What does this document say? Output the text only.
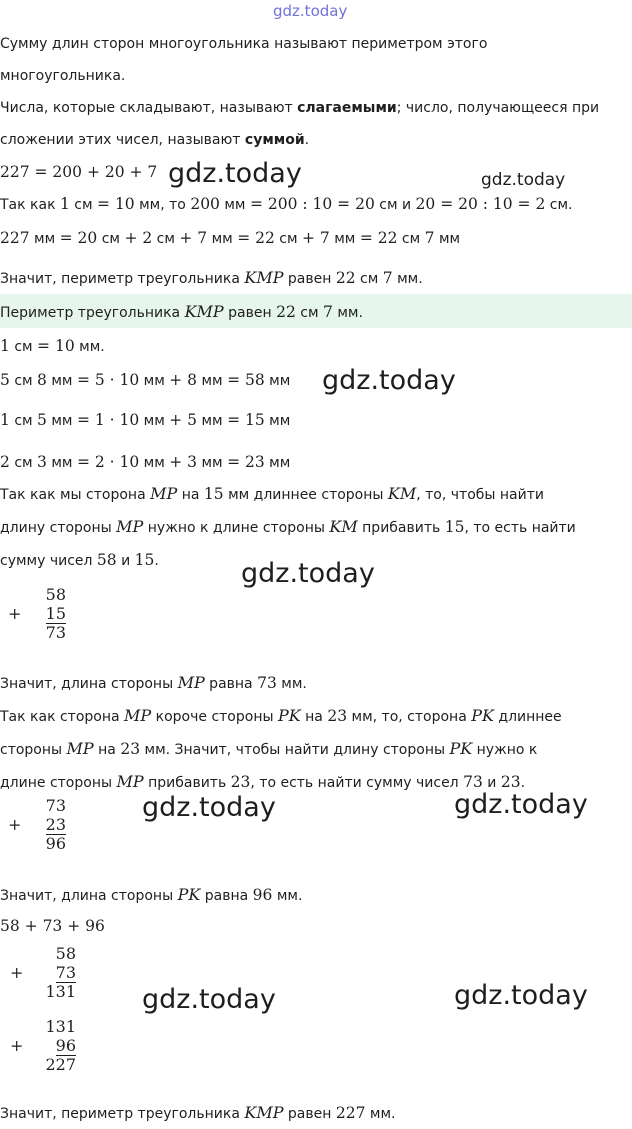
gdz.today
Сумму длин сторон многоугольника называют периметром этого
многоугольника.
Числа, которые складывают, называют слагаемыми; число, получающееся при
сложении этих чисел, называют суммой.
227 = 200 + 20 + 7 gdz.today	gdz.today
Так как 1 см = 10 мм, то 200 мм = 200 : 10 = 20 см и 20 = 20 : 10 = 2 см.
227 мм = 20 см + 2 см + 7 мм = 22 см + 7 мм = 22 см 7 мм
Значит, периметр треугольника KMP равен 22 см 7 мм.
Периметр треугольника KMP равен 22 см 7 мм.
1 см = 10 мм.
5 см 8 мм = 5 · 10 мм + 8 мм = 58 мм gdz.today
1 см 5 мм = 1 · 10 мм + 5 мм = 15 мм
2 см 3 мм = 2 · 10 мм + 3 мм = 23 мм
Так как мы сторона MP на 15 мм длиннее стороны KM, то, чтобы найти
длину стороны MP нужно к длине стороны KM прибавить 15, то есть найти
сумму чисел 58 и 15.	gdz.today
58
+ 15
73
Значит, длина стороны MP равна 73 мм.
Так как сторона MP короче стороны PK на 23 мм, то, сторона PK длиннее
стороны MP на 23 мм. Значит, чтобы найти длину стороны PK нужно к
длине стороны MP прибавить 23, то есть найти сумму чисел 73 и 23.
73
+ 23
96
gdz.today	gdz.today
Значит, длина стороны PK равна 96 мм.
58 + 73 + 96
58
+ 73
131
131
+ 96
227
gdz.today	gdz.today
Значит, периметр треугольника KMP равен 227 мм.
